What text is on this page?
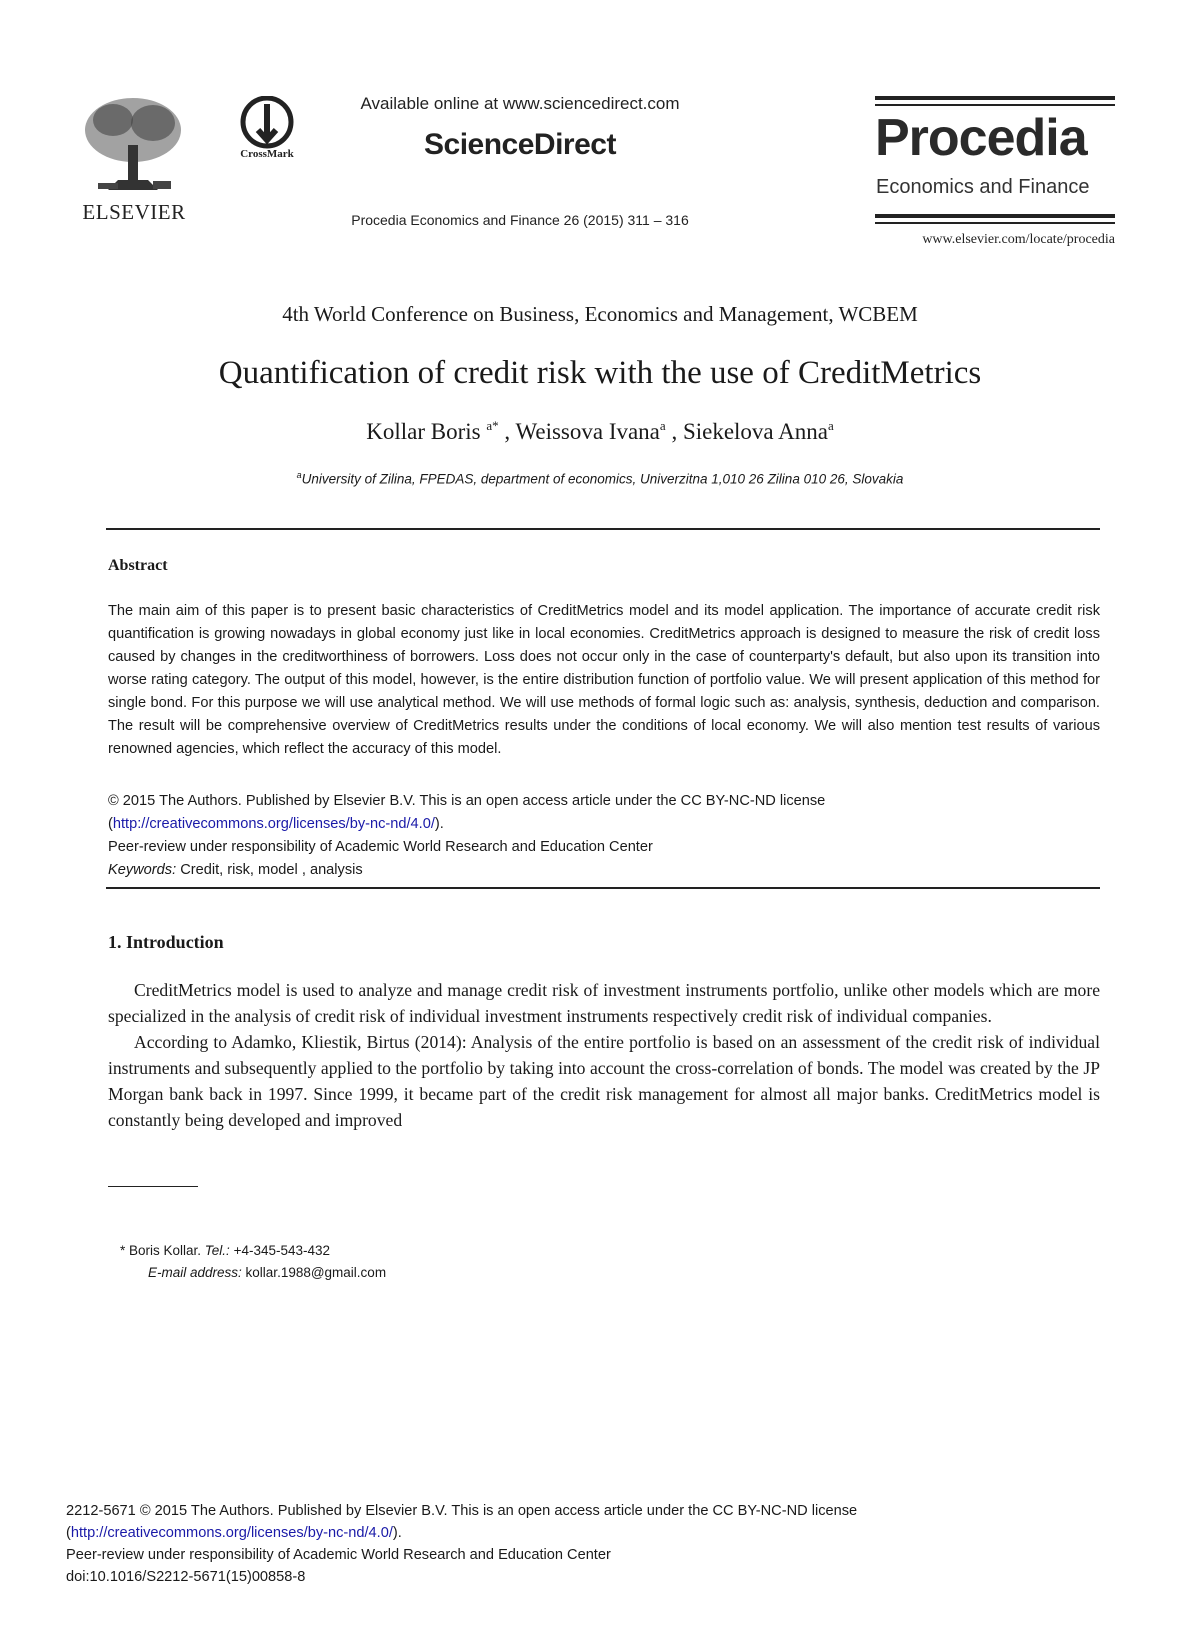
ELSEVIER
CrossMark
Available online at www.sciencedirect.com
ScienceDirect
Procedia Economics and Finance 26 (2015) 311 – 316
Procedia
Economics and Finance
www.elsevier.com/locate/procedia
4th World Conference on Business, Economics and Management, WCBEM
Quantification of credit risk with the use of CreditMetrics
Kollar Boris $^{a*}$ , Weissova Ivana$^a$ , Siekelova Anna$^a$
$^a$University of Zilina, FPEDAS, department of economics, Univerzitna 1,010 26 Zilina 010 26, Slovakia
Abstract
The main aim of this paper is to present basic characteristics of CreditMetrics model and its model application. The importance of accurate credit risk quantification is growing nowadays in global economy just like in local economies. CreditMetrics approach is designed to measure the risk of credit loss caused by changes in the creditworthiness of borrowers. Loss does not occur only in the case of counterparty's default, but also upon its transition into worse rating category. The output of this model, however, is the entire distribution function of portfolio value. We will present application of this method for single bond. For this purpose we will use analytical method. We will use methods of formal logic such as: analysis, synthesis, deduction and comparison. The result will be comprehensive overview of CreditMetrics results under the conditions of local economy. We will also mention test results of various renowned agencies, which reflect the accuracy of this model.
© 2015 The Authors. Published by Elsevier B.V. This is an open access article under the CC BY-NC-ND license
(http://creativecommons.org/licenses/by-nc-nd/4.0/).
Peer-review under responsibility of Academic World Research and Education Center
Keywords: Credit, risk, model , analysis
1. Introduction

CreditMetrics model is used to analyze and manage credit risk of investment instruments portfolio, unlike other models which are more specialized in the analysis of credit risk of individual investment instruments respectively credit risk of individual companies.

According to Adamko, Kliestik, Birtus (2014): Analysis of the entire portfolio is based on an assessment of the credit risk of individual instruments and subsequently applied to the portfolio by taking into account the cross-correlation of bonds. The model was created by the JP Morgan bank back in 1997. Since 1999, it became part of the credit risk management for almost all major banks. CreditMetrics model is constantly being developed and improved

* Boris Kollar. Tel.: +4-345-543-432
E-mail address: kollar.1988@gmail.com
2212-5671 © 2015 The Authors. Published by Elsevier B.V. This is an open access article under the CC BY-NC-ND license
(http://creativecommons.org/licenses/by-nc-nd/4.0/).
Peer-review under responsibility of Academic World Research and Education Center
doi:10.1016/S2212-5671(15)00858-8
